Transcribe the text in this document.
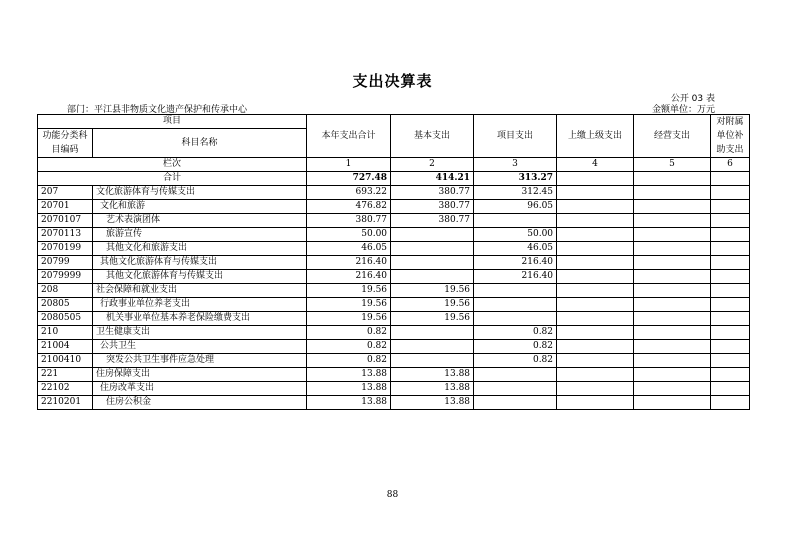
支出决算表
公开 03 表
部门：平江县非物质文化遗产保护和传承中心	金额单位：万元
项目		本年支出合计	基本支出	项目支出	上缴上级支出	经营支出	对附属单位补助支出
功能分类科目编码	科目名称						
栏次		1	2	3	4	5	6
合计		727.48	414.21	313.27			
207	文化旅游体育与传媒支出	693.22	380.77	312.45			
20701	文化和旅游	476.82	380.77	96.05			
2070107	艺术表演团体	380.77	380.77				
2070113	旅游宣传	50.00		50.00			
2070199	其他文化和旅游支出	46.05		46.05			
20799	其他文化旅游体育与传媒支出	216.40		216.40			
2079999	其他文化旅游体育与传媒支出	216.40		216.40			
208	社会保障和就业支出	19.56	19.56				
20805	行政事业单位养老支出	19.56	19.56				
2080505	机关事业单位基本养老保险缴费支出	19.56	19.56				
210	卫生健康支出	0.82		0.82			
21004	公共卫生	0.82		0.82			
2100410	突发公共卫生事件应急处理	0.82		0.82			
221	住房保障支出	13.88	13.88				
22102	住房改革支出	13.88	13.88				
2210201	住房公积金	13.88	13.88				
88
